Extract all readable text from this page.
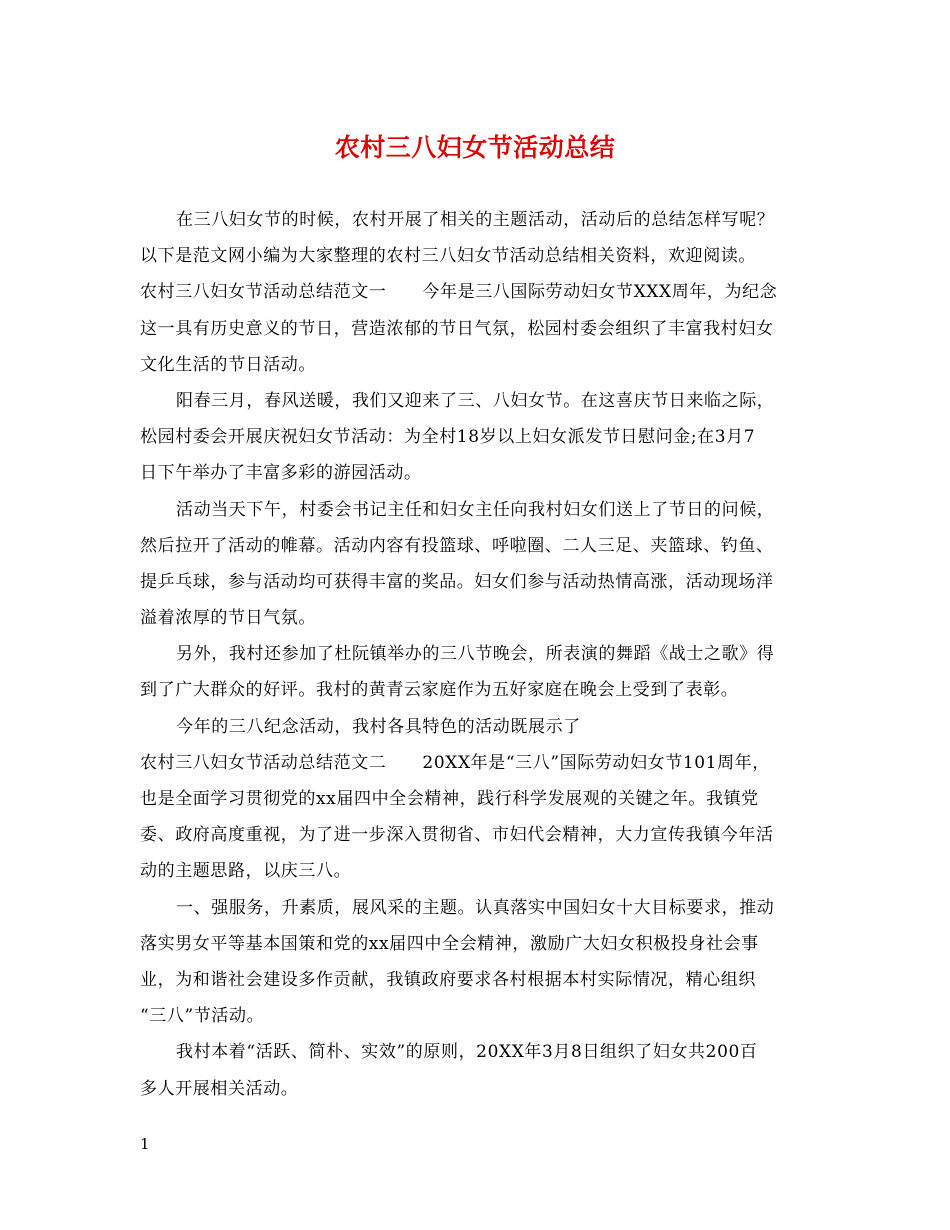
农村三八妇女节活动总结
在三八妇女节的时候，农村开展了相关的主题活动，活动后的总结怎样写呢？
以下是范文网小编为大家整理的农村三八妇女节活动总结相关资料，欢迎阅读。
农村三八妇女节活动总结范文一 今年是三八国际劳动妇女节XXX周年，为纪念
这一具有历史意义的节日，营造浓郁的节日气氛，松园村委会组织了丰富我村妇女
文化生活的节日活动。
阳春三月，春风送暖，我们又迎来了三、八妇女节。在这喜庆节日来临之际，
松园村委会开展庆祝妇女节活动：为全村18岁以上妇女派发节日慰问金;在3月7
日下午举办了丰富多彩的游园活动。
活动当天下午，村委会书记主任和妇女主任向我村妇女们送上了节日的问候，
然后拉开了活动的帷幕。活动内容有投篮球、呼啦圈、二人三足、夹篮球、钓鱼、
提乒乓球，参与活动均可获得丰富的奖品。妇女们参与活动热情高涨，活动现场洋
溢着浓厚的节日气氛。
另外，我村还参加了杜阮镇举办的三八节晚会，所表演的舞蹈《战士之歌》得
到了广大群众的好评。我村的黄青云家庭作为五好家庭在晚会上受到了表彰。
今年的三八纪念活动，我村各具特色的活动既展示了
农村三八妇女节活动总结范文二 20XX年是“三八”国际劳动妇女节101周年，
也是全面学习贯彻党的xx届四中全会精神，践行科学发展观的关键之年。我镇党
委、政府高度重视，为了进一步深入贯彻省、市妇代会精神，大力宣传我镇今年活
动的主题思路，以庆三八。
一、强服务，升素质，展风采的主题。认真落实中国妇女十大目标要求，推动
落实男女平等基本国策和党的xx届四中全会精神，激励广大妇女积极投身社会事
业，为和谐社会建设多作贡献，我镇政府要求各村根据本村实际情况，精心组织
“三八”节活动。
我村本着“活跃、简朴、实效”的原则，20XX年3月8日组织了妇女共200百
多人开展相关活动。
1
